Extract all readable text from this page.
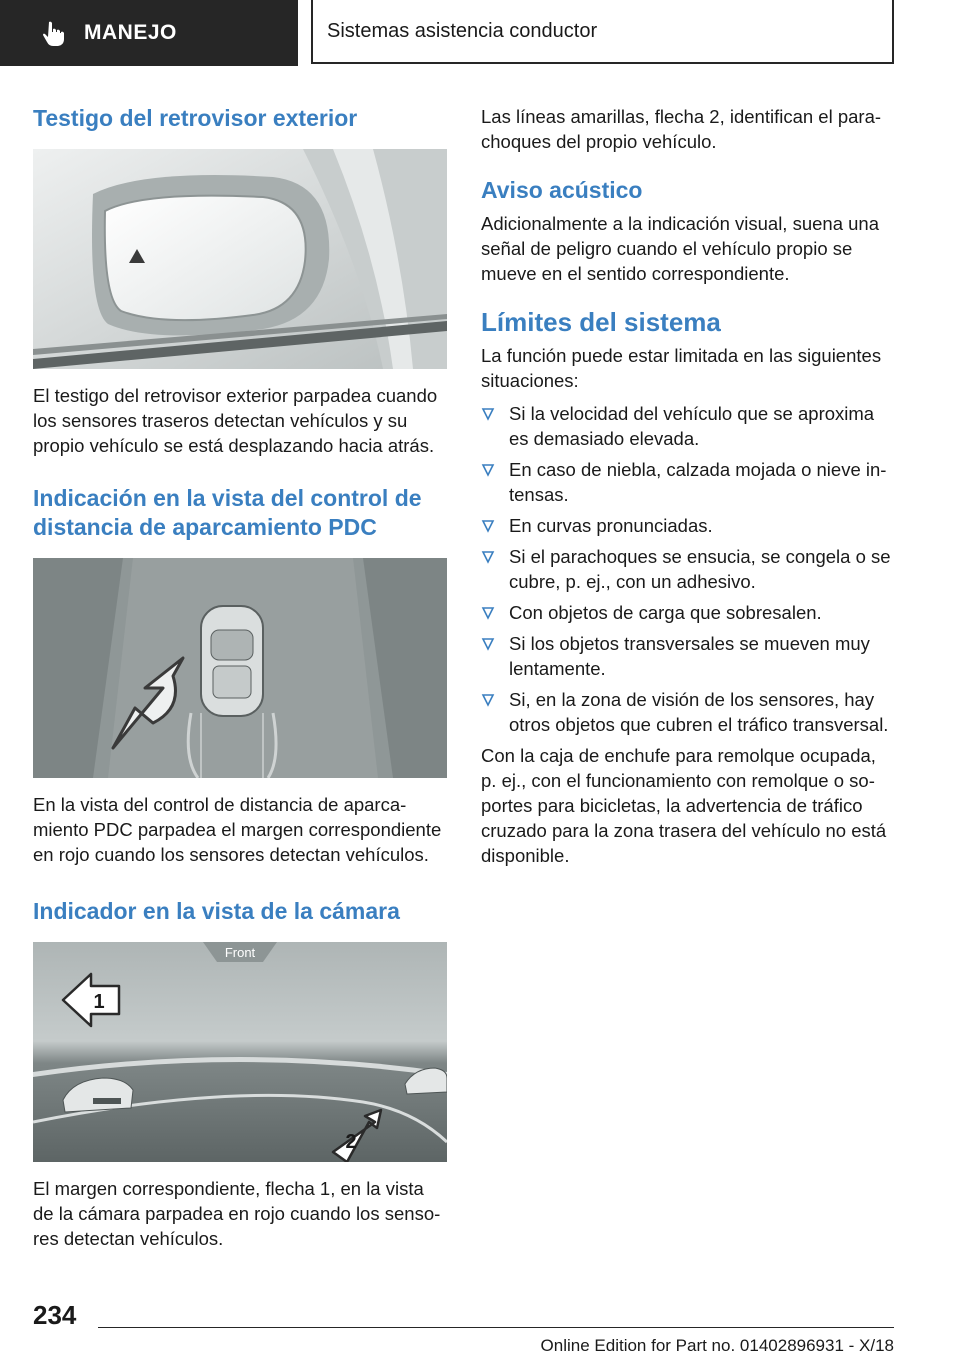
MANEJO	Sistemas asistencia conductor
Testigo del retrovisor exterior

El testigo del retrovisor exterior parpadea cuando los sensores traseros detectan vehículos y su propio vehículo se está desplazando hacia atrás.

Indicación en la vista del control de distancia de aparcamiento PDC

En la vista del control de distancia de aparcamiento PDC parpadea el margen correspondiente en rojo cuando los sensores detectan vehículos.

Indicador en la vista de la cámara
Front
1
2

El margen correspondiente, flecha 1, en la vista de la cámara parpadea en rojo cuando los sensores detectan vehículos.

Las líneas amarillas, flecha 2, identifican el parachoques del propio vehículo.

Aviso acústico

Adicionalmente a la indicación visual, suena una señal de peligro cuando el vehículo propio se mueve en el sentido correspondiente.

Límites del sistema

La función puede estar limitada en las siguientes situaciones:

Si la velocidad del vehículo que se aproxima es demasiado elevada.
En caso de niebla, calzada mojada o nieve intensas.
En curvas pronunciadas.
Si el parachoques se ensucia, se congela o se cubre, p. ej., con un adhesivo.
Con objetos de carga que sobresalen.
Si los objetos transversales se mueven muy lentamente.
Si, en la zona de visión de los sensores, hay otros objetos que cubren el tráfico transversal.

Con la caja de enchufe para remolque ocupada, p. ej., con el funcionamiento con remolque o soportes para bicicletas, la advertencia de tráfico cruzado para la zona trasera del vehículo no está disponible.

234
Online Edition for Part no. 01402896931 - X/18
